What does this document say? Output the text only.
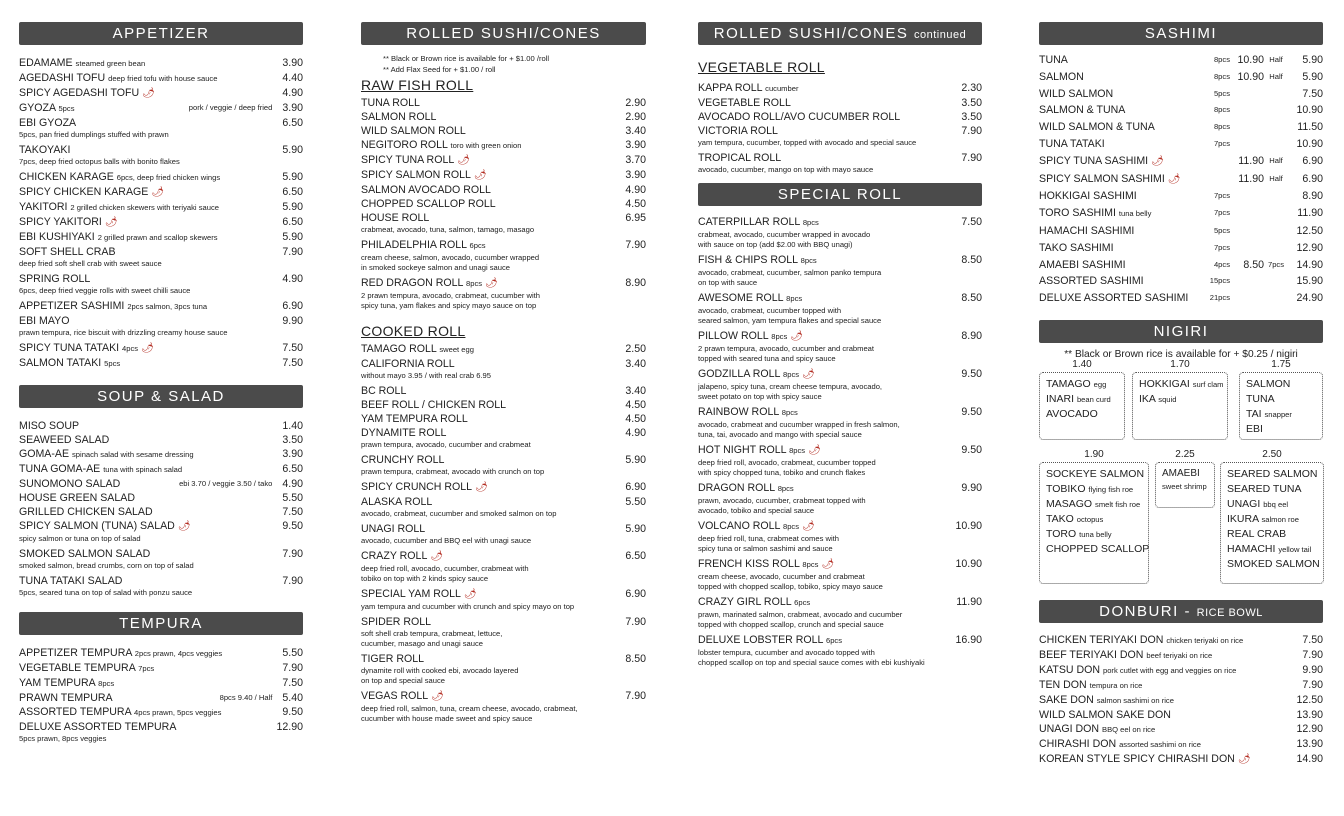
APPETIZER
EDAMAME steamed green bean	3.90
AGEDASHI TOFU deep fried tofu with house sauce	4.40
SPICY AGEDASHI TOFU 🌶	4.90
GYOZA 5pcs	pork / veggie / deep fried 3.90
EBI GYOZA	6.50
5pcs, pan fried dumplings stuffed with prawn
TAKOYAKI	5.90
7pcs, deep fried octopus balls with bonito flakes
CHICKEN KARAGE 6pcs, deep fried chicken wings	5.90
SPICY CHICKEN KARAGE 🌶	6.50
YAKITORI 2 grilled chicken skewers with teriyaki sauce	5.90
SPICY YAKITORI 🌶	6.50
EBI KUSHIYAKI 2 grilled prawn and scallop skewers	5.90
SOFT SHELL CRAB	7.90
deep fried soft shell crab with sweet sauce
SPRING ROLL	4.90
6pcs, deep fried veggie rolls with sweet chilli sauce
APPETIZER SASHIMI 2pcs salmon, 3pcs tuna	6.90
EBI MAYO	9.90
prawn tempura, rice biscuit with drizzling creamy house sauce
SPICY TUNA TATAKI 4pcs 🌶	7.50
SALMON TATAKI 5pcs	7.50
SOUP & SALAD
MISO SOUP	1.40
SEAWEED SALAD	3.50
GOMA-AE spinach salad with sesame dressing	3.90
TUNA GOMA-AE tuna with spinach salad	6.50
SUNOMONO SALAD	ebi 3.70 / veggie 3.50 / tako 4.90
HOUSE GREEN SALAD	5.50
GRILLED CHICKEN SALAD	7.50
SPICY SALMON (TUNA) SALAD 🌶	9.50
spicy salmon or tuna on top of salad
SMOKED SALMON SALAD	7.90
smoked salmon, bread crumbs, corn on top of salad
TUNA TATAKI SALAD	7.90
5pcs, seared tuna on top of salad with ponzu sauce
TEMPURA
APPETIZER TEMPURA 2pcs prawn, 4pcs veggies	5.50
VEGETABLE TEMPURA 7pcs	7.90
YAM TEMPURA 8pcs	7.50
PRAWN TEMPURA	8pcs 9.40 / Half 5.40
ASSORTED TEMPURA 4pcs prawn, 5pcs veggies	9.50
DELUXE ASSORTED TEMPURA	12.90
5pcs prawn, 8pcs veggies
ROLLED SUSHI/CONES
** Black or Brown rice is available for + $1.00 /roll
** Add Flax Seed for + $1.00 / roll
RAW FISH ROLL
TUNA ROLL	2.90
SALMON ROLL	2.90
WILD SALMON ROLL	3.40
NEGITORO ROLL toro with green onion	3.90
SPICY TUNA ROLL 🌶	3.70
SPICY SALMON ROLL 🌶	3.90
SALMON AVOCADO ROLL	4.90
CHOPPED SCALLOP ROLL	4.50
HOUSE ROLL	6.95
crabmeat, avocado, tuna, salmon, tamago, masago
PHILADELPHIA ROLL 6pcs	7.90
cream cheese, salmon, avocado, cucumber wrapped
in smoked sockeye salmon and unagi sauce
RED DRAGON ROLL 8pcs 🌶	8.90
2 prawn tempura, avocado, crabmeat, cucumber with
spicy tuna, yam flakes and spicy mayo sauce on top
COOKED ROLL
TAMAGO ROLL sweet egg	2.50
CALIFORNIA ROLL	3.40
without mayo 3.95 / with real crab 6.95
BC ROLL	3.40
BEEF ROLL / CHICKEN ROLL	4.50
YAM TEMPURA ROLL	4.50
DYNAMITE ROLL	4.90
prawn tempura, avocado, cucumber and crabmeat
CRUNCHY ROLL	5.90
prawn tempura, crabmeat, avocado with crunch on top
SPICY CRUNCH ROLL 🌶	6.90
ALASKA ROLL	5.50
avocado, crabmeat, cucumber and smoked salmon on top
UNAGI ROLL	5.90
avocado, cucumber and BBQ eel with unagi sauce
CRAZY ROLL 🌶	6.50
deep fried roll, avocado, cucumber, crabmeat with
tobiko on top with 2 kinds spicy sauce
SPECIAL YAM ROLL 🌶	6.90
yam tempura and cucumber with crunch and spicy mayo on top
SPIDER ROLL	7.90
soft shell crab tempura, crabmeat, lettuce,
cucumber, masago and unagi sauce
TIGER ROLL	8.50
dynamite roll with cooked ebi, avocado layered
on top and special sauce
VEGAS ROLL 🌶	7.90
deep fried roll, salmon, tuna, cream cheese, avocado, crabmeat,
cucumber with house made sweet and spicy sauce
ROLLED SUSHI/CONES continued
VEGETABLE ROLL
KAPPA ROLL cucumber	2.30
VEGETABLE ROLL	3.50
AVOCADO ROLL/AVO CUCUMBER ROLL	3.50
VICTORIA ROLL	7.90
yam tempura, cucumber, topped with avocado and special sauce
TROPICAL ROLL	7.90
avocado, cucumber, mango on top with mayo sauce
SPECIAL ROLL
CATERPILLAR ROLL 8pcs	7.50
crabmeat, avocado, cucumber wrapped in avocado
with sauce on top (add $2.00 with BBQ unagi)
FISH & CHIPS ROLL 8pcs	8.50
avocado, crabmeat, cucumber, salmon panko tempura
on top with sauce
AWESOME ROLL 8pcs	8.50
avocado, crabmeat, cucumber topped with
seared salmon, yam tempura flakes and special sauce
PILLOW ROLL 8pcs 🌶	8.90
2 prawn tempura, avocado, cucumber and crabmeat
topped with seared tuna and spicy sauce
GODZILLA ROLL 8pcs 🌶	9.50
jalapeno, spicy tuna, cream cheese tempura, avocado,
sweet potato on top with spicy sauce
RAINBOW ROLL 8pcs	9.50
avocado, crabmeat and cucumber wrapped in fresh salmon,
tuna, tai, avocado and mango with special sauce
HOT NIGHT ROLL 8pcs 🌶	9.50
deep fried roll, avocado, crabmeat, cucumber topped
with spicy chopped tuna, tobiko and crunch flakes
DRAGON ROLL 8pcs	9.90
prawn, avocado, cucumber, crabmeat topped with
avocado, tobiko and special sauce
VOLCANO ROLL 8pcs 🌶	10.90
deep fried roll, tuna, crabmeat comes with
spicy tuna or salmon sashimi and sauce
FRENCH KISS ROLL 8pcs 🌶	10.90
cream cheese, avocado, cucumber and crabmeat
topped with chopped scallop, tobiko, spicy mayo sauce
CRAZY GIRL ROLL 6pcs	11.90
prawn, marinated salmon, crabmeat, avocado and cucumber
topped with chopped scallop, crunch and special sauce
DELUXE LOBSTER ROLL 6pcs	16.90
lobster tempura, cucumber and avocado topped with
chopped scallop on top and special sauce comes with ebi kushiyaki
SASHIMI
TUNA	8pcs 10.90 Half	5.90
SALMON	8pcs 10.90 Half	5.90
WILD SALMON	5pcs	7.50
SALMON & TUNA	8pcs	10.90
WILD SALMON & TUNA	8pcs	11.50
TUNA TATAKI	7pcs	10.90
SPICY TUNA SASHIMI 🌶	11.90 Half	6.90
SPICY SALMON SASHIMI 🌶	11.90 Half	6.90
HOKKIGAI SASHIMI	7pcs	8.90
TORO SASHIMI tuna belly	7pcs	11.90
HAMACHI SASHIMI	5pcs	12.50
TAKO SASHIMI	7pcs	12.90
AMAEBI SASHIMI	4pcs	8.50 7pcs	14.90
ASSORTED SASHIMI	15pcs	15.90
DELUXE ASSORTED SASHIMI	21pcs	24.90
NIGIRI
** Black or Brown rice is available for + $0.25 / nigiri
1.40
TAMAGO egg
INARI bean curd
AVOCADO
1.70
HOKKIGAI surf clam
IKA squid
1.75
SALMON
TUNA
TAI snapper
EBI
1.90
SOCKEYE SALMON
TOBIKO flying fish roe
MASAGO smelt fish roe
TAKO octopus
TORO tuna belly
CHOPPED SCALLOP
2.25
AMAEBI
sweet shrimp
2.50
SEARED SALMON
SEARED TUNA
UNAGI bbq eel
IKURA salmon roe
REAL CRAB
HAMACHI yellow tail
SMOKED SALMON
DONBURI - RICE BOWL
CHICKEN TERIYAKI DON chicken teriyaki on rice	7.50
BEEF TERIYAKI DON beef teriyaki on rice	7.90
KATSU DON pork cutlet with egg and veggies on rice	9.90
TEN DON tempura on rice	7.90
SAKE DON salmon sashimi on rice	12.50
WILD SALMON SAKE DON	13.90
UNAGI DON BBQ eel on rice	12.90
CHIRASHI DON assorted sashimi on rice	13.90
KOREAN STYLE SPICY CHIRASHI DON 🌶	14.90
